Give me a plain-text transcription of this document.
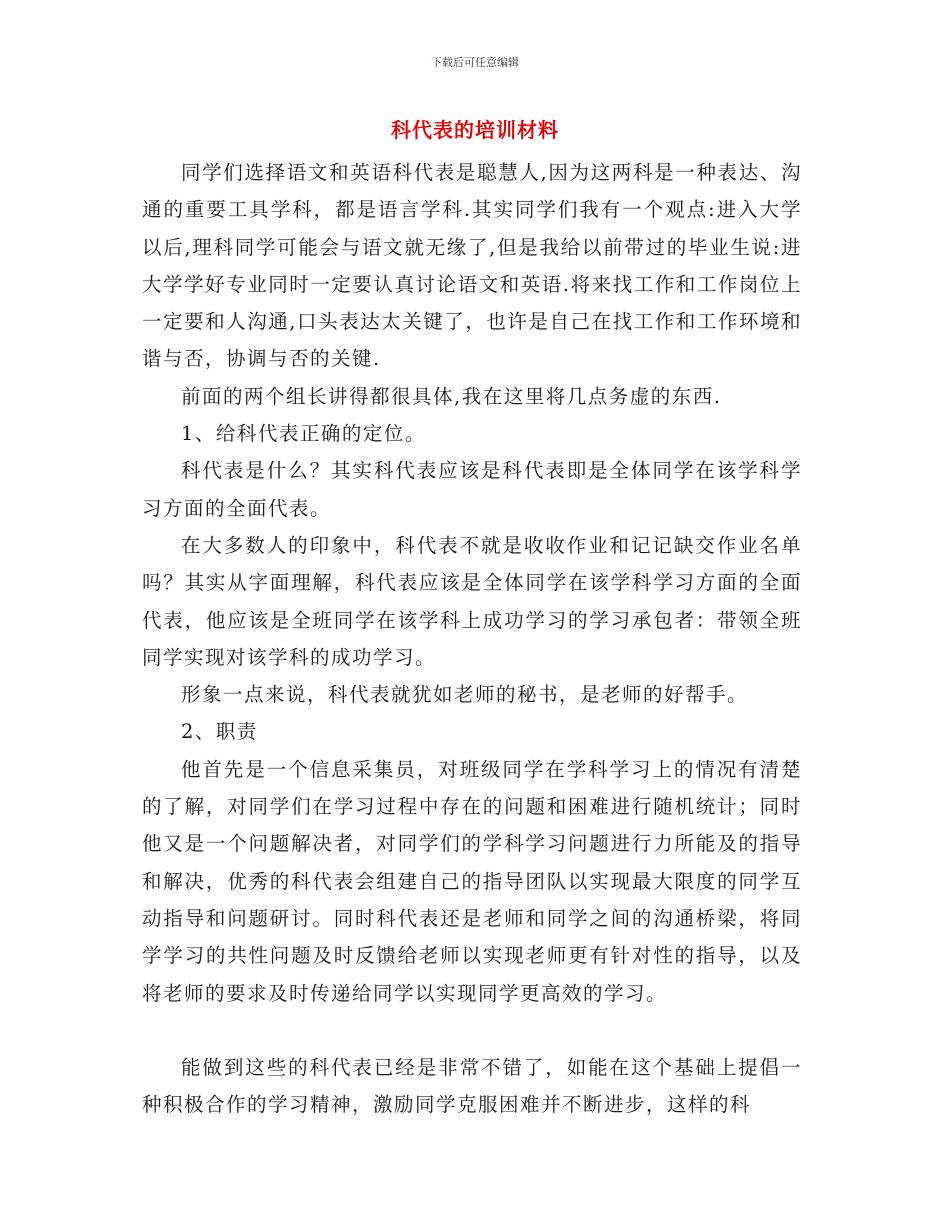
下载后可任意编辑
科代表的培训材料

同学们选择语文和英语科代表是聪慧人,因为这两科是一种表达、沟通的重要工具学科，都是语言学科.其实同学们我有一个观点:进入大学以后,理科同学可能会与语文就无缘了,但是我给以前带过的毕业生说:进大学学好专业同时一定要认真讨论语文和英语.将来找工作和工作岗位上一定要和人沟通,口头表达太关键了，也许是自己在找工作和工作环境和谐与否，协调与否的关键.

前面的两个组长讲得都很具体,我在这里将几点务虚的东西.

1、给科代表正确的定位。

科代表是什么？其实科代表应该是科代表即是全体同学在该学科学习方面的全面代表。

在大多数人的印象中，科代表不就是收收作业和记记缺交作业名单吗？其实从字面理解，科代表应该是全体同学在该学科学习方面的全面代表，他应该是全班同学在该学科上成功学习的学习承包者：带领全班同学实现对该学科的成功学习。

形象一点来说，科代表就犹如老师的秘书，是老师的好帮手。

2、职责

他首先是一个信息采集员，对班级同学在学科学习上的情况有清楚的了解，对同学们在学习过程中存在的问题和困难进行随机统计；同时他又是一个问题解决者，对同学们的学科学习问题进行力所能及的指导和解决，优秀的科代表会组建自己的指导团队以实现最大限度的同学互动指导和问题研讨。同时科代表还是老师和同学之间的沟通桥梁，将同学学习的共性问题及时反馈给老师以实现老师更有针对性的指导，以及将老师的要求及时传递给同学以实现同学更高效的学习。

能做到这些的科代表已经是非常不错了，如能在这个基础上提倡一种积极合作的学习精神，激励同学克服困难并不断进步，这样的科
